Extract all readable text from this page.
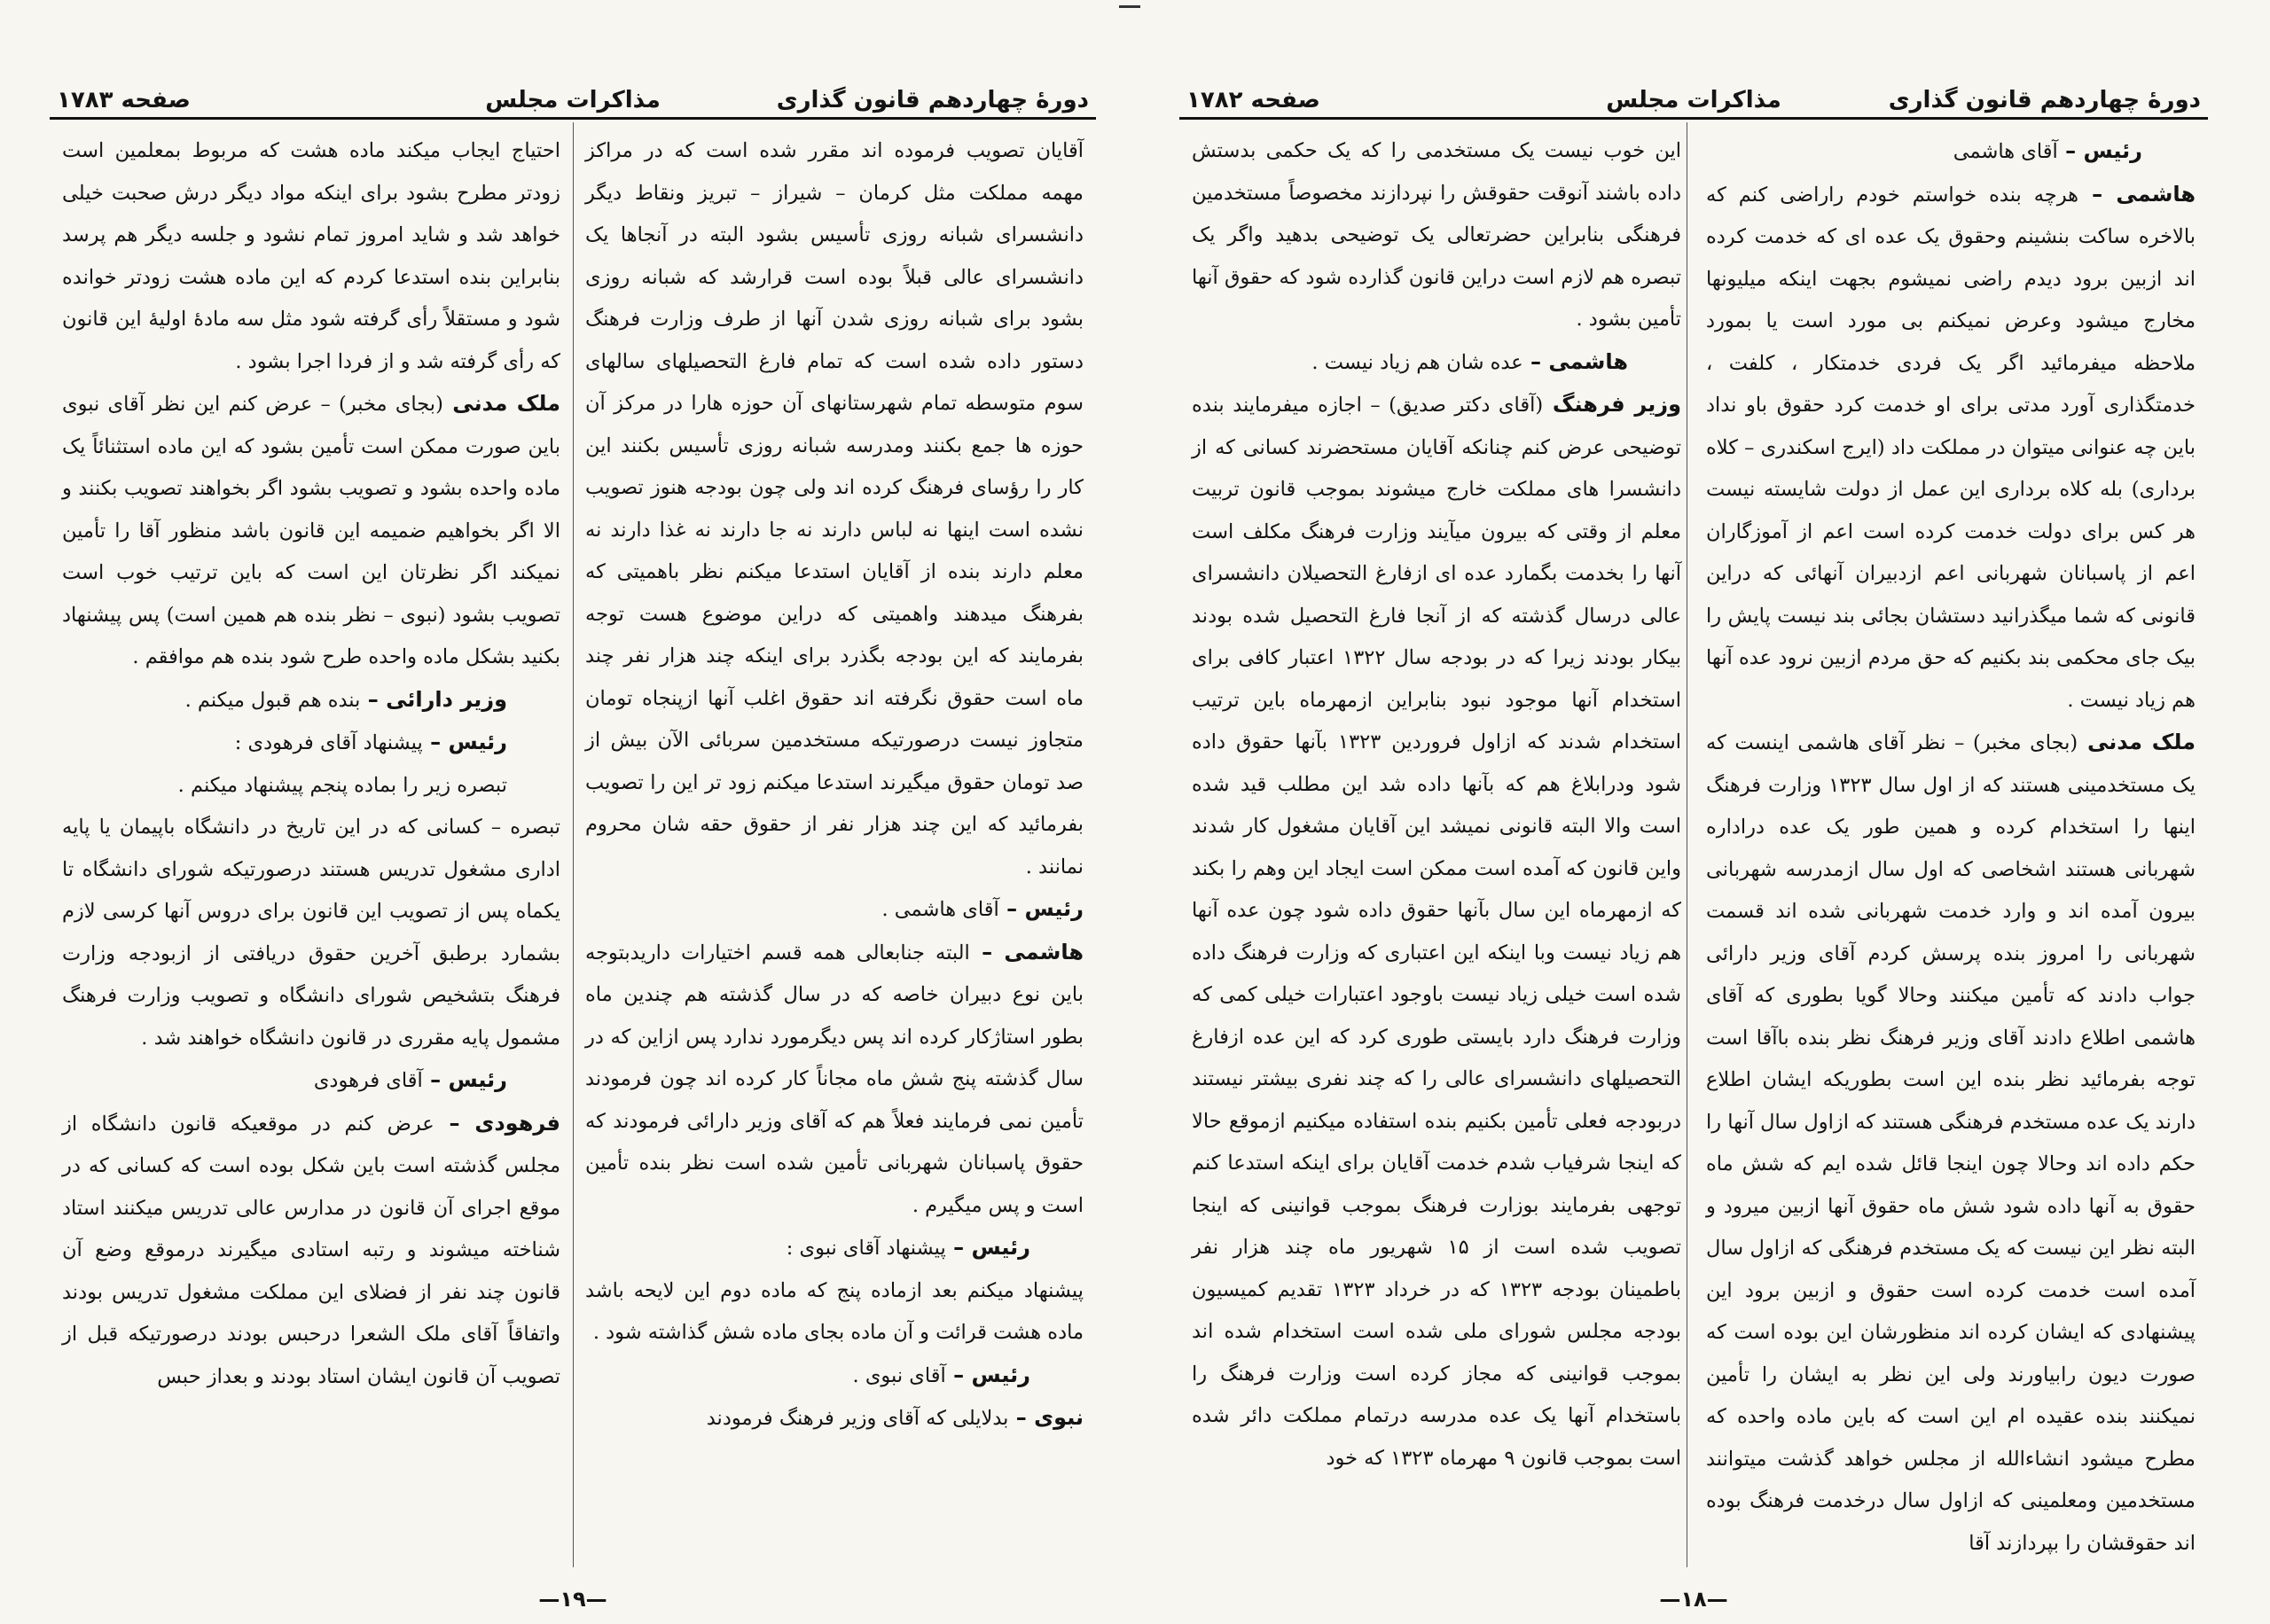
صفحه ۱۷۸۳	مذاکرات مجلس	دورهٔ چهاردهم قانون گذاری

آقایان تصویب فرموده اند مقرر شده است که در مراکز مهمه مملکت مثل کرمان – شیراز – تبریز ونقاط دیگر دانشسرای شبانه روزی تأسیس بشود البته در آنجاها یک دانشسرای عالی قبلاً بوده است قرارشد که شبانه روزی بشود برای شبانه روزی شدن آنها از طرف وزارت فرهنگ دستور داده شده است که تمام فارغ التحصیلهای سالهای سوم متوسطه تمام شهرستانهای آن حوزه هارا در مرکز آن حوزه ها جمع بکنند ومدرسه شبانه روزی تأسیس بکنند این کار را رؤسای فرهنگ کرده اند ولی چون بودجه هنوز تصویب نشده است اینها نه لباس دارند نه جا دارند نه غذا دارند نه معلم دارند بنده از آقایان استدعا میکنم نظر باهمیتی که بفرهنگ میدهند واهمیتی که دراین موضوع هست توجه بفرمایند که این بودجه بگذرد برای اینکه چند هزار نفر چند ماه است حقوق نگرفته اند حقوق اغلب آنها ازپنجاه تومان متجاوز نیست درصورتیکه مستخدمین سربائی الآن بیش از صد تومان حقوق میگیرند استدعا میکنم زود تر این را تصویب بفرمائید که این چند هزار نفر از حقوق حقه شان محروم نمانند .

رئیس – آقای هاشمی .

هاشمی – البته جنابعالی همه قسم اختیارات داریدبتوجه باین نوع دبیران خاصه که در سال گذشته هم چندین ماه بطور استاژکار کرده اند پس دیگرمورد ندارد پس ازاین که در سال گذشته پنج شش ماه مجاناً کار کرده اند چون فرمودند تأمین نمی فرمایند فعلاً هم که آقای وزیر دارائی فرمودند که حقوق پاسبانان شهربانی تأمین شده است نظر بنده تأمین است و پس میگیرم .

رئیس – پیشنهاد آقای نبوی :

پیشنهاد میکنم بعد ازماده پنج که ماده دوم این لایحه باشد ماده هشت قرائت و آن ماده بجای ماده شش گذاشته شود .

رئیس – آقای نبوی .

نبوی – بدلایلی که آقای وزیر فرهنگ فرمودند

احتیاج ایجاب میکند ماده هشت که مربوط بمعلمین است زودتر مطرح بشود برای اینکه مواد دیگر درش صحبت خیلی خواهد شد و شاید امروز تمام نشود و جلسه دیگر هم پرسد بنابراین بنده استدعا کردم که این ماده هشت زودتر خوانده شود و مستقلاً رأی گرفته شود مثل سه مادهٔ اولیهٔ این قانون که رأی گرفته شد و از فردا اجرا بشود .

ملک مدنی (بجای مخبر) – عرض کنم این نظر آقای نبوی باین صورت ممکن است تأمین بشود که این ماده استثنائاً یک ماده واحده بشود و تصویب بشود اگر بخواهند تصویب بکنند و الا اگر بخواهیم ضمیمه این قانون باشد منظور آقا را تأمین نمیکند اگر نظرتان این است که باین ترتیب خوب است تصویب بشود (نبوی – نظر بنده هم همین است) پس پیشنهاد بکنید بشکل ماده واحده طرح شود بنده هم موافقم .

وزیر دارائی – بنده هم قبول میکنم .

رئیس – پیشنهاد آقای فرهودی :

تبصره زیر را بماده پنجم پیشنهاد میکنم .

تبصره – کسانی که در این تاریخ در دانشگاه باپیمان یا پایه اداری مشغول تدریس هستند درصورتیکه شورای دانشگاه تا یکماه پس از تصویب این قانون برای دروس آنها کرسی لازم بشمارد برطبق آخرین حقوق دریافتی از ازبودجه وزارت فرهنگ بتشخیص شورای دانشگاه و تصویب وزارت فرهنگ مشمول پایه مقرری در قانون دانشگاه خواهند شد .

رئیس – آقای فرهودی

فرهودی – عرض کنم در موقعیکه قانون دانشگاه از مجلس گذشته است باین شکل بوده است که کسانی که در موقع اجرای آن قانون در مدارس عالی تدریس میکنند استاد شناخته میشوند و رتبه استادی میگیرند درموقع وضع آن قانون چند نفر از فضلای این مملکت مشغول تدریس بودند واتفاقاً آقای ملک الشعرا درحبس بودند درصورتیکه قبل از تصویب آن قانون ایشان استاد بودند و بعداز حبس

—۱۹—
صفحه ۱۷۸۲	مذاکرات مجلس	دورهٔ چهاردهم قانون گذاری

رئیس – آقای هاشمی

هاشمی – هرچه بنده خواستم خودم راراضی کنم که بالاخره ساکت بنشینم وحقوق یک عده ای که خدمت کرده اند ازبین برود دیدم راضی نمیشوم بجهت اینکه میلیونها مخارج میشود وعرض نمیکنم بی مورد است یا بمورد ملاحظه میفرمائید اگر یک فردی خدمتکار ، کلفت ، خدمتگذاری آورد مدتی برای او خدمت کرد حقوق باو نداد باین چه عنوانی میتوان در مملکت داد (ایرج اسکندری – کلاه برداری) بله کلاه برداری این عمل از دولت شایسته نیست هر کس برای دولت خدمت کرده است اعم از آموزگاران اعم از پاسبانان شهربانی اعم ازدبیران آنهائی که دراین قانونی که شما میگذرانید دستشان بجائی بند نیست پایش را بیک جای محکمی بند بکنیم که حق مردم ازبین نرود عده آنها هم زیاد نیست .

ملک مدنی (بجای مخبر) – نظر آقای هاشمی اینست که یک مستخدمینی هستند که از اول سال ۱۳۲۳ وزارت فرهنگ اینها را استخدام کرده و همین طور یک عده دراداره شهربانی هستند اشخاصی که اول سال ازمدرسه شهربانی بیرون آمده اند و وارد خدمت شهربانی شده اند قسمت شهربانی را امروز بنده پرسش کردم آقای وزیر دارائی جواب دادند که تأمین میکنند وحالا گویا بطوری که آقای هاشمی اطلاع دادند آقای وزیر فرهنگ نظر بنده باآقا است توجه بفرمائید نظر بنده این است بطوریکه ایشان اطلاع دارند یک عده مستخدم فرهنگی هستند که ازاول سال آنها را حکم داده اند وحالا چون اینجا قائل شده ایم که شش ماه حقوق به آنها داده شود شش ماه حقوق آنها ازبین میرود و البته نظر این نیست که یک مستخدم فرهنگی که ازاول سال آمده است خدمت کرده است حقوق و ازبین برود این پیشنهادی که ایشان کرده اند منظورشان این بوده است که صورت دیون رابیاورند ولی این نظر به ایشان را تأمین نمیکنند بنده عقیده ام این است که باین ماده واحده که مطرح میشود انشاءالله از مجلس خواهد گذشت میتوانند مستخدمین ومعلمینی که ازاول سال درخدمت فرهنگ بوده اند حقوقشان را بپردازند آقا

این خوب نیست یک مستخدمی را که یک حکمی بدستش داده باشند آنوقت حقوقش را نپردازند مخصوصاً مستخدمین فرهنگی بنابراین حضرتعالی یک توضیحی بدهید واگر یک تبصره هم لازم است دراین قانون گذارده شود که حقوق آنها تأمین بشود .

هاشمی – عده شان هم زیاد نیست .

وزیر فرهنگ (آقای دکتر صدیق) – اجازه میفرمایند بنده توضیحی عرض کنم چنانکه آقایان مستحضرند کسانی که از دانشسرا های مملکت خارج میشوند بموجب قانون تربیت معلم از وقتی که بیرون میآیند وزارت فرهنگ مکلف است آنها را بخدمت بگمارد عده ای ازفارغ التحصیلان دانشسرای عالی درسال گذشته که از آنجا فارغ التحصیل شده بودند بیکار بودند زیرا که در بودجه سال ۱۳۲۲ اعتبار کافی برای استخدام آنها موجود نبود بنابراین ازمهرماه باین ترتیب استخدام شدند که ازاول فروردین ۱۳۲۳ بآنها حقوق داده شود ودرابلاغ هم که بآنها داده شد این مطلب قید شده است والا البته قانونی نمیشد این آقایان مشغول کار شدند واین قانون که آمده است ممکن است ایجاد این وهم را بکند که ازمهرماه این سال بآنها حقوق داده شود چون عده آنها هم زیاد نیست وبا اینکه این اعتباری که وزارت فرهنگ داده شده است خیلی زیاد نیست باوجود اعتبارات خیلی کمی که وزارت فرهنگ دارد بایستی طوری کرد که این عده ازفارغ التحصیلهای دانشسرای عالی را که چند نفری بیشتر نیستند دربودجه فعلی تأمین بکنیم بنده استفاده میکنیم ازموقع حالا که اینجا شرفیاب شدم خدمت آقایان برای اینکه استدعا کنم توجهی بفرمایند بوزارت فرهنگ بموجب قوانینی که اینجا تصویب شده است از ۱۵ شهریور ماه چند هزار نفر باطمینان بودجه ۱۳۲۳ که در خرداد ۱۳۲۳ تقدیم کمیسیون بودجه مجلس شورای ملی شده است استخدام شده اند بموجب قوانینی که مجاز کرده است وزارت فرهنگ را باستخدام آنها یک عده مدرسه درتمام مملکت دائر شده است بموجب قانون ۹ مهرماه ۱۳۲۳ که خود

—۱۸—
